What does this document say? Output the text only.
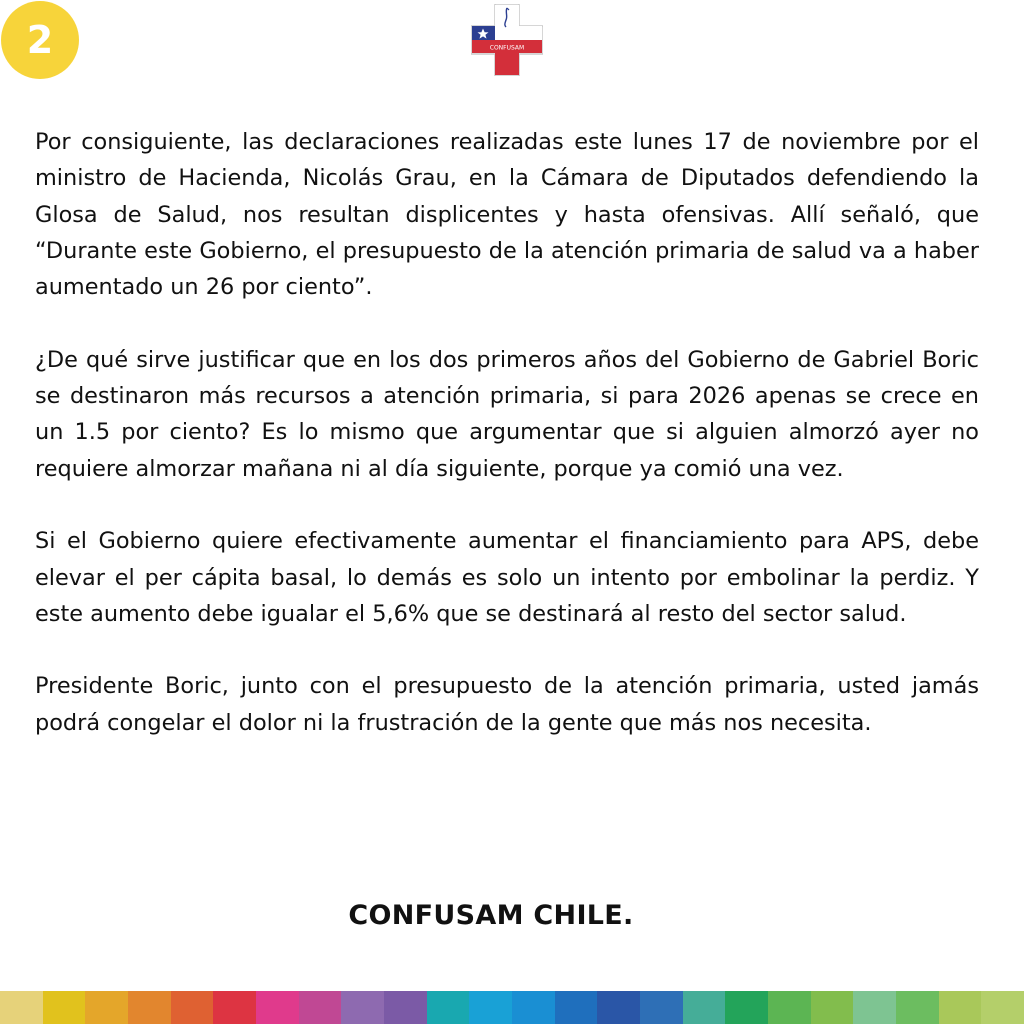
2	CONFUSAM

Por consiguiente, las declaraciones realizadas este lunes 17 de noviembre por el ministro de Hacienda, Nicolás Grau, en la Cámara de Diputados defendiendo la Glosa de Salud, nos resultan displicentes y hasta ofensivas. Allí señaló, que “Durante este Gobierno, el presupuesto de la atención primaria de salud va a haber aumentado un 26 por ciento”.

¿De qué sirve justificar que en los dos primeros años del Gobierno de Gabriel Boric se destinaron más recursos a atención primaria, si para 2026 apenas se crece en un 1.5 por ciento? Es lo mismo que argumentar que si alguien almorzó ayer no requiere almorzar mañana ni al día siguiente, porque ya comió una vez.

Si el Gobierno quiere efectivamente aumentar el financiamiento para APS, debe elevar el per cápita basal, lo demás es solo un intento por embolinar la perdiz. Y este aumento debe igualar el 5,6% que se destinará al resto del sector salud.

Presidente Boric, junto con el presupuesto de la atención primaria, usted jamás podrá congelar el dolor ni la frustración de la gente que más nos necesita.

CONFUSAM CHILE.
